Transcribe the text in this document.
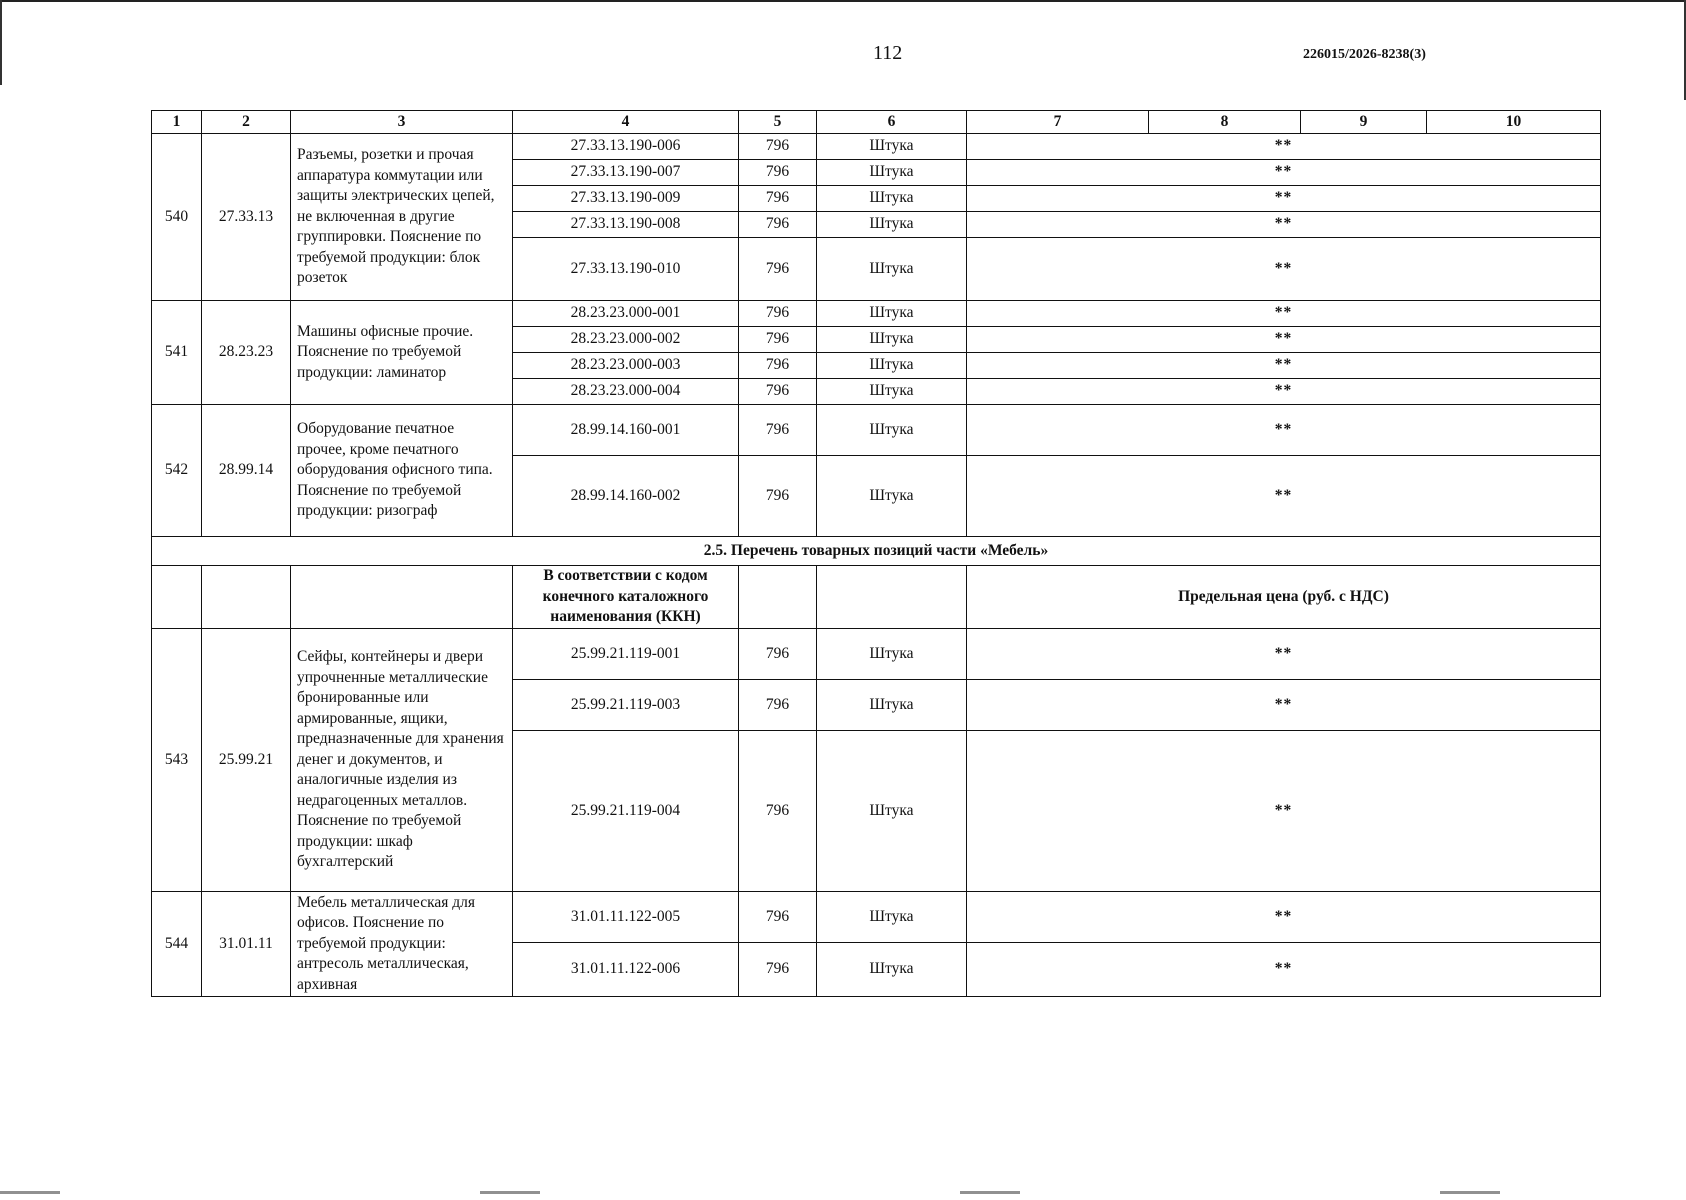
112	226015/2026-8238(3)
1	2	3	4	5	6	7	8	9	10
540	27.33.13	Разъемы, розетки и прочая аппаратура коммутации или защиты электрических цепей, не включенная в другие группировки. Пояснение по требуемой продукции: блок розеток	27.33.13.190-006	796	Штука	**			
			27.33.13.190-007	796	Штука	**			
			27.33.13.190-009	796	Штука	**			
			27.33.13.190-008	796	Штука	**			
			27.33.13.190-010	796	Штука	**			
541	28.23.23	Машины офисные прочие. Пояснение по требуемой продукции: ламинатор	28.23.23.000-001	796	Штука	**			
			28.23.23.000-002	796	Штука	**			
			28.23.23.000-003	796	Штука	**			
			28.23.23.000-004	796	Штука	**			
542	28.99.14	Оборудование печатное прочее, кроме печатного оборудования офисного типа. Пояснение по требуемой продукции: ризограф	28.99.14.160-001	796	Штука	**			
			28.99.14.160-002	796	Штука	**			
2.5. Перечень товарных позиций части «Мебель»									
			В соответствии с кодом конечного каталожного наименования (ККН)			Предельная цена (руб. с НДС)			
543	25.99.21	Сейфы, контейнеры и двери упрочненные металлические бронированные или армированные, ящики, предназначенные для хранения денег и документов, и аналогичные изделия из недрагоценных металлов. Пояснение по требуемой продукции: шкаф бухгалтерский	25.99.21.119-001	796	Штука	**			
			25.99.21.119-003	796	Штука	**			
			25.99.21.119-004	796	Штука	**			
544	31.01.11	Мебель металлическая для офисов. Пояснение по требуемой продукции: антресоль металлическая, архивная	31.01.11.122-005	796	Штука	**			
			31.01.11.122-006	796	Штука	**			
